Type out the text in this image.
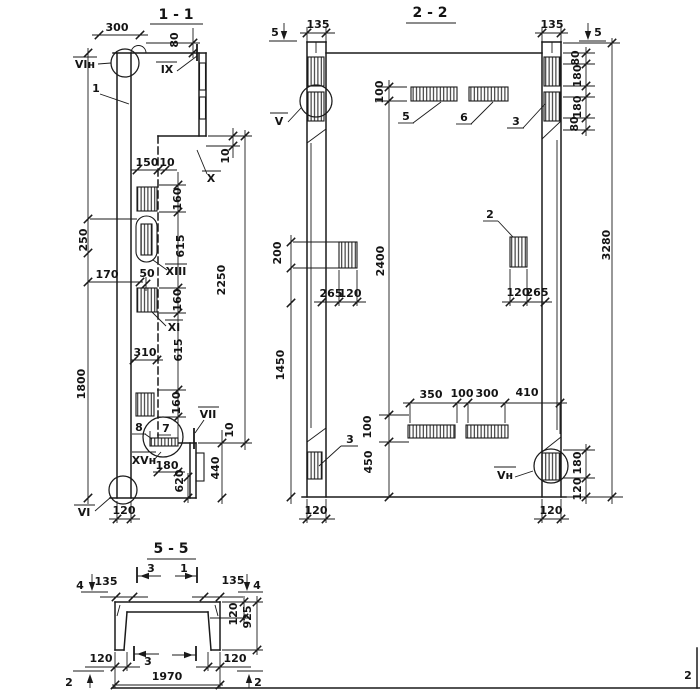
1 - 1
300
80
VIн
1
IX
150 10	10
X
160
615
2250
250
170 50 XIII
160
XI
310 615
1800
160
8 7
VII
10
440
XVн 180
620
VI 120
2 - 2
5	5
135	135
80
180
180
80
100
V	5	6	3
2
200	2400
3280
265
120	120
265
1450
350 100 300 410
100
450
3
Vн
180
120
120	120
5 - 5
4	4
135	135
3 1
120 925
120	120
3
1970
2	2
2
